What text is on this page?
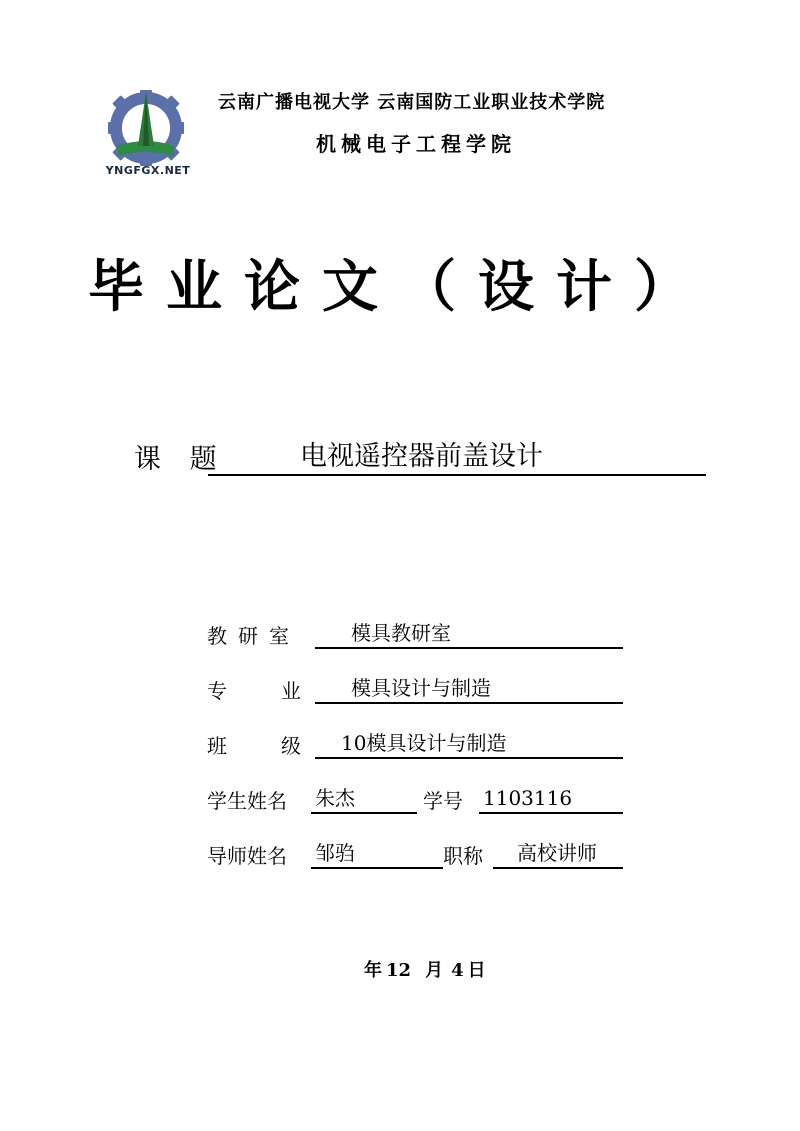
YNGFGX.NET
云南广播电视大学 云南国防工业职业技术学院
机械电子工程学院
毕业论文（设计）
课 题	电视遥控器前盖设计
教研室	模具教研室
专	业	模具设计与制造
班	级	10模具设计与制造
学生姓名	朱杰	学号	1103116
导师姓名	邹驺	职称	高校讲师
年 12 月 4 日
